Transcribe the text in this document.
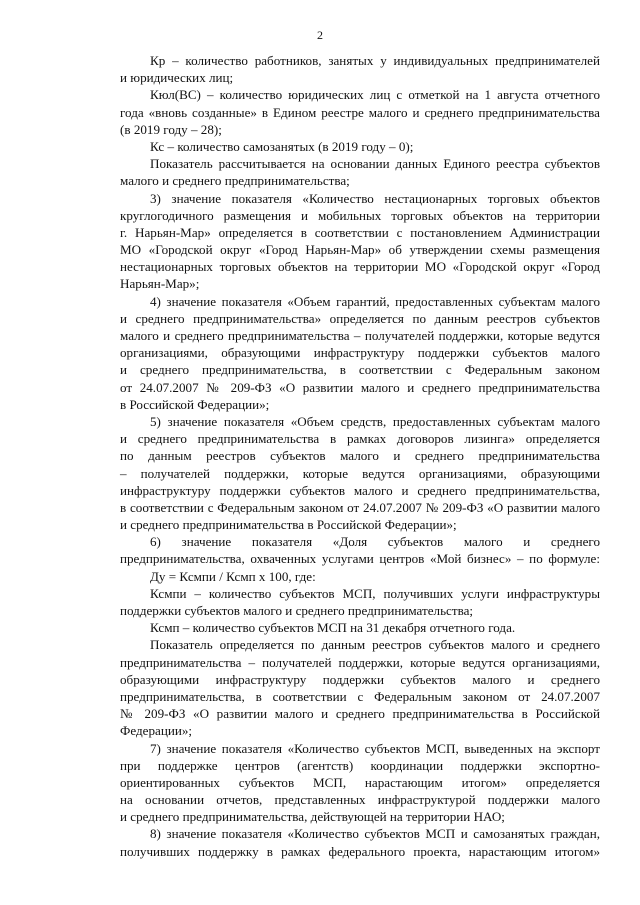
2
Кр – количество работников, занятых у индивидуальных предпринимателей
и юридических лиц;
Кюл(ВС) – количество юридических лиц с отметкой на 1 августа отчетного
года «вновь созданные» в Едином реестре малого и среднего предпринимательства
(в 2019 году – 28);
Кс – количество самозанятых (в 2019 году – 0);
Показатель рассчитывается на основании данных Единого реестра субъектов
малого и среднего предпринимательства;
3) значение показателя «Количество нестационарных торговых объектов
круглогодичного размещения и мобильных торговых объектов на территории
г. Нарьян-Мар» определяется в соответствии с постановлением Администрации
МО «Городской округ «Город Нарьян-Мар» об утверждении схемы размещения
нестационарных торговых объектов на территории МО «Городской округ «Город
Нарьян-Мар»;
4) значение показателя «Объем гарантий, предоставленных субъектам малого
и среднего предпринимательства» определяется по данным реестров субъектов
малого и среднего предпринимательства – получателей поддержки, которые ведутся
организациями, образующими инфраструктуру поддержки субъектов малого
и среднего предпринимательства, в соответствии с Федеральным законом
от 24.07.2007 № 209-ФЗ «О развитии малого и среднего предпринимательства
в Российской Федерации»;
5) значение показателя «Объем средств, предоставленных субъектам малого
и среднего предпринимательства в рамках договоров лизинга» определяется
по данным реестров субъектов малого и среднего предпринимательства
– получателей поддержки, которые ведутся организациями, образующими
инфраструктуру поддержки субъектов малого и среднего предпринимательства,
в соответствии с Федеральным законом от 24.07.2007 № 209-ФЗ «О развитии малого
и среднего предпринимательства в Российской Федерации»;
6) значение показателя «Доля субъектов малого и среднего
предпринимательства, охваченных услугами центров «Мой бизнес» – по формуле:
Ду = Ксмпи / Ксмп х 100, где:
Ксмпи – количество субъектов МСП, получивших услуги инфраструктуры
поддержки субъектов малого и среднего предпринимательства;
Ксмп – количество субъектов МСП на 31 декабря отчетного года.
Показатель определяется по данным реестров субъектов малого и среднего
предпринимательства – получателей поддержки, которые ведутся организациями,
образующими инфраструктуру поддержки субъектов малого и среднего
предпринимательства, в соответствии с Федеральным законом от 24.07.2007
№ 209-ФЗ «О развитии малого и среднего предпринимательства в Российской
Федерации»;
7) значение показателя «Количество субъектов МСП, выведенных на экспорт
при поддержке центров (агентств) координации поддержки экспортно-
ориентированных субъектов МСП, нарастающим итогом» определяется
на основании отчетов, представленных инфраструктурой поддержки малого
и среднего предпринимательства, действующей на территории НАО;
8) значение показателя «Количество субъектов МСП и самозанятых граждан,
получивших поддержку в рамках федерального проекта, нарастающим итогом»
